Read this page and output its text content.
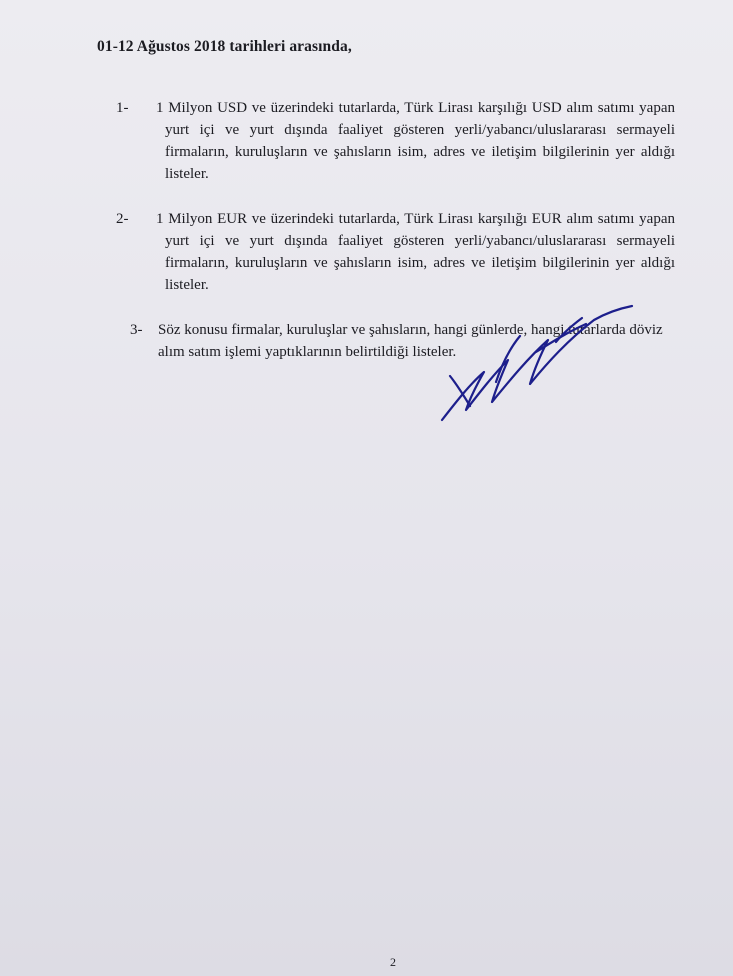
01-12 Ağustos 2018 tarihleri arasında,
1- 1 Milyon USD ve üzerindeki tutarlarda, Türk Lirası karşılığı USD alım satımı yapan yurt içi ve yurt dışında faaliyet gösteren yerli/yabancı/uluslararası sermayeli firmaların, kuruluşların ve şahısların isim, adres ve iletişim bilgilerinin yer aldığı listeler.
2- 1 Milyon EUR ve üzerindeki tutarlarda, Türk Lirası karşılığı EUR alım satımı yapan yurt içi ve yurt dışında faaliyet gösteren yerli/yabancı/uluslararası sermayeli firmaların, kuruluşların ve şahısların isim, adres ve iletişim bilgilerinin yer aldığı listeler.
3- Söz konusu firmalar, kuruluşlar ve şahısların, hangi günlerde, hangi tutarlarda döviz alım satım işlemi yaptıklarının belirtildiği listeler.
2
